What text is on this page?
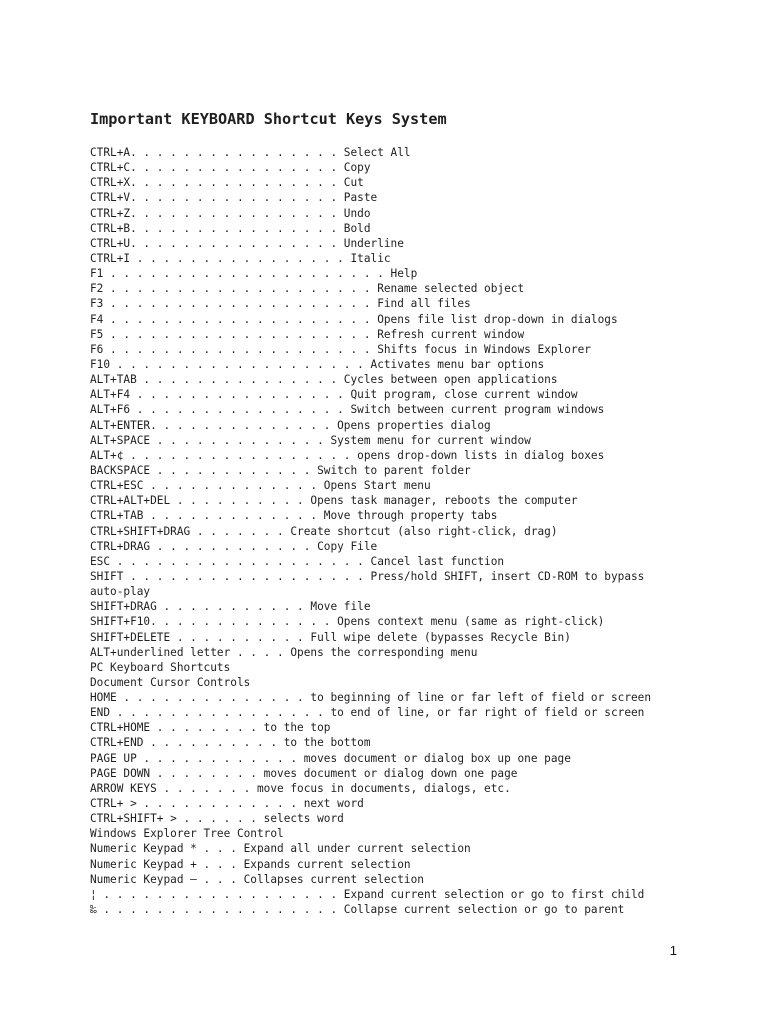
Important KEYBOARD Shortcut Keys System
CTRL+A. . . . . . . . . . . . . . . . Select All
CTRL+C. . . . . . . . . . . . . . . . Copy
CTRL+X. . . . . . . . . . . . . . . . Cut
CTRL+V. . . . . . . . . . . . . . . . Paste
CTRL+Z. . . . . . . . . . . . . . . . Undo
CTRL+B. . . . . . . . . . . . . . . . Bold
CTRL+U. . . . . . . . . . . . . . . . Underline
CTRL+I . . . . . . . . . . . . . . . . Italic
F1 . . . . . . . . . . . . . . . . . . . . . Help
F2 . . . . . . . . . . . . . . . . . . . . Rename selected object
F3 . . . . . . . . . . . . . . . . . . . . Find all files
F4 . . . . . . . . . . . . . . . . . . . . Opens file list drop-down in dialogs
F5 . . . . . . . . . . . . . . . . . . . . Refresh current window
F6 . . . . . . . . . . . . . . . . . . . . Shifts focus in Windows Explorer
F10 . . . . . . . . . . . . . . . . . . . Activates menu bar options
ALT+TAB . . . . . . . . . . . . . . . Cycles between open applications
ALT+F4 . . . . . . . . . . . . . . . . Quit program, close current window
ALT+F6 . . . . . . . . . . . . . . . . Switch between current program windows
ALT+ENTER. . . . . . . . . . . . . . Opens properties dialog
ALT+SPACE . . . . . . . . . . . . . System menu for current window
ALT+¢ . . . . . . . . . . . . . . . . . opens drop-down lists in dialog boxes
BACKSPACE . . . . . . . . . . . . Switch to parent folder
CTRL+ESC . . . . . . . . . . . . . Opens Start menu
CTRL+ALT+DEL . . . . . . . . . . Opens task manager, reboots the computer
CTRL+TAB . . . . . . . . . . . . . Move through property tabs
CTRL+SHIFT+DRAG . . . . . . . Create shortcut (also right-click, drag)
CTRL+DRAG . . . . . . . . . . . . Copy File
ESC . . . . . . . . . . . . . . . . . . . Cancel last function
SHIFT . . . . . . . . . . . . . . . . . . Press/hold SHIFT, insert CD-ROM to bypass
auto-play
SHIFT+DRAG . . . . . . . . . . . Move file
SHIFT+F10. . . . . . . . . . . . . . Opens context menu (same as right-click)
SHIFT+DELETE . . . . . . . . . . Full wipe delete (bypasses Recycle Bin)
ALT+underlined letter . . . . Opens the corresponding menu
PC Keyboard Shortcuts
Document Cursor Controls
HOME . . . . . . . . . . . . . . to beginning of line or far left of field or screen
END . . . . . . . . . . . . . . . . to end of line, or far right of field or screen
CTRL+HOME . . . . . . . . to the top
CTRL+END . . . . . . . . . . to the bottom
PAGE UP . . . . . . . . . . . . moves document or dialog box up one page
PAGE DOWN . . . . . . . . moves document or dialog down one page
ARROW KEYS . . . . . . . move focus in documents, dialogs, etc.
CTRL+ > . . . . . . . . . . . . next word
CTRL+SHIFT+ > . . . . . . selects word
Windows Explorer Tree Control
Numeric Keypad * . . . Expand all under current selection
Numeric Keypad + . . . Expands current selection
Numeric Keypad – . . . Collapses current selection
¦ . . . . . . . . . . . . . . . . . . Expand current selection or go to first child
‰ . . . . . . . . . . . . . . . . . . Collapse current selection or go to parent
1
